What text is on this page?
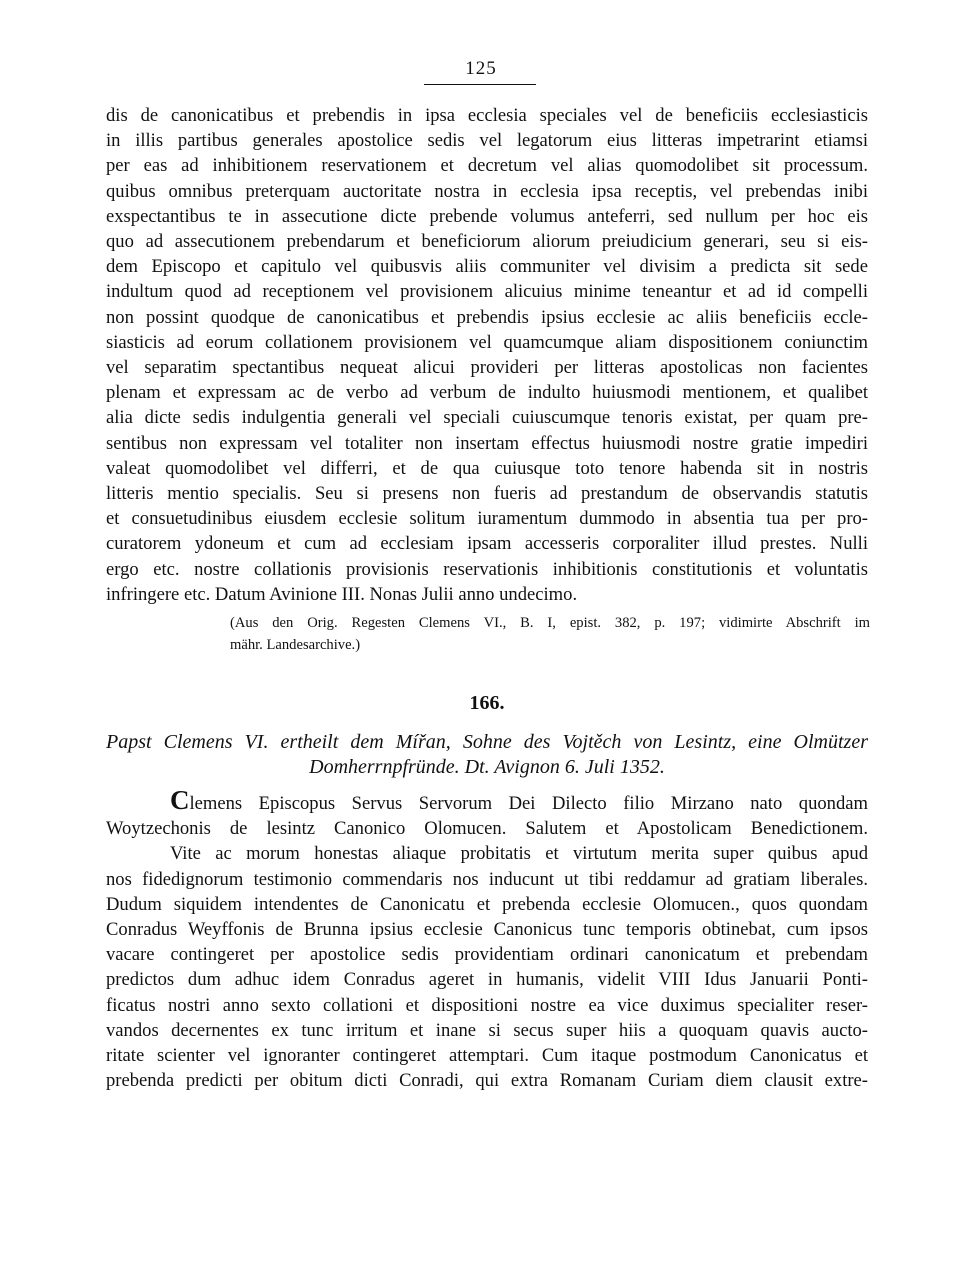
125
dis de canonicatibus et prebendis in ipsa ecclesia speciales vel de beneficiis ecclesiasticis
in illis partibus generales apostolice sedis vel legatorum eius litteras impetrarint etiamsi
per eas ad inhibitionem reservationem et decretum vel alias quomodolibet sit processum.
quibus omnibus preterquam auctoritate nostra in ecclesia ipsa receptis, vel prebendas inibi
exspectantibus te in assecutione dicte prebende volumus anteferri, sed nullum per hoc eis
quo ad assecutionem prebendarum et beneficiorum aliorum preiudicium generari, seu si eis-
dem Episcopo et capitulo vel quibusvis aliis communiter vel divisim a predicta sit sede
indultum quod ad receptionem vel provisionem alicuius minime teneantur et ad id compelli
non possint quodque de canonicatibus et prebendis ipsius ecclesie ac aliis beneficiis eccle-
siasticis ad eorum collationem provisionem vel quamcumque aliam dispositionem coniunctim
vel separatim spectantibus nequeat alicui provideri per litteras apostolicas non facientes
plenam et expressam ac de verbo ad verbum de indulto huiusmodi mentionem, et qualibet
alia dicte sedis indulgentia generali vel speciali cuiuscumque tenoris existat, per quam pre-
sentibus non expressam vel totaliter non insertam effectus huiusmodi nostre gratie impediri
valeat quomodolibet vel differri, et de qua cuiusque toto tenore habenda sit in nostris
litteris mentio specialis. Seu si presens non fueris ad prestandum de observandis statutis
et consuetudinibus eiusdem ecclesie solitum iuramentum dummodo in absentia tua per pro-
curatorem ydoneum et cum ad ecclesiam ipsam accesseris corporaliter illud prestes. Nulli
ergo etc. nostre collationis provisionis reservationis inhibitionis constitutionis et voluntatis
infringere etc. Datum Avinione III. Nonas Julii anno undecimo.
(Aus den Orig. Regesten Clemens VI., B. I, epist. 382, p. 197; vidimirte Abschrift im
mähr. Landesarchive.)
166.
Papst Clemens VI. ertheilt dem Mířan, Sohne des Vojtěch von Lesintz, eine Olmützer
Domherrnpfründe. Dt. Avignon 6. Juli 1352.
Clemens Episcopus Servus Servorum Dei Dilecto filio Mirzano nato quondam
Woytzechonis de lesintz Canonico Olomucen. Salutem et Apostolicam Benedictionem.
Vite ac morum honestas aliaque probitatis et virtutum merita super quibus apud
nos fidedignorum testimonio commendaris nos inducunt ut tibi reddamur ad gratiam liberales.
Dudum siquidem intendentes de Canonicatu et prebenda ecclesie Olomucen., quos quondam
Conradus Weyffonis de Brunna ipsius ecclesie Canonicus tunc temporis obtinebat, cum ipsos
vacare contingeret per apostolice sedis providentiam ordinari canonicatum et prebendam
predictos dum adhuc idem Conradus ageret in humanis, videlit VIII Idus Januarii Ponti-
ficatus nostri anno sexto collationi et dispositioni nostre ea vice duximus specialiter reser-
vandos decernentes ex tunc irritum et inane si secus super hiis a quoquam quavis aucto-
ritate scienter vel ignoranter contingeret attemptari. Cum itaque postmodum Canonicatus et
prebenda predicti per obitum dicti Conradi, qui extra Romanam Curiam diem clausit extre-
